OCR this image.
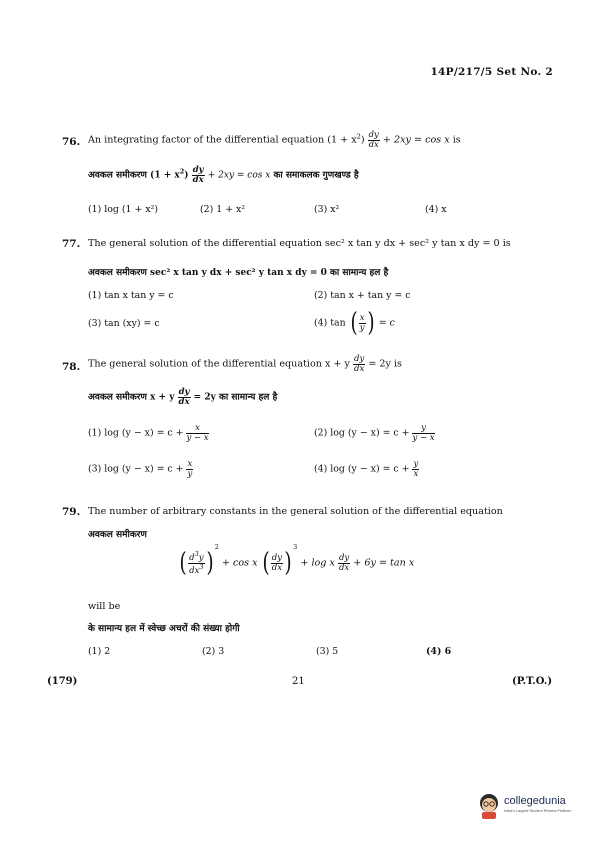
14P/217/5 Set No. 2
76. An integrating factor of the differential equation $(1 + x^2) \frac{dy}{dx} + 2xy = \cos x$ is
अवकल समीकरण $(1 + x^2) \frac{dy}{dx} + 2xy = \cos x$ का समाकलक गुणखण्ड है
(1) log (1 + x²)	(2) 1 + x²	(3) x²	(4) x
77. The general solution of the differential equation sec² x tan y dx + sec² y tan x dy = 0 is
अवकल समीकरण sec² x tan y dx + sec² y tan x dy = 0 का सामान्य हल है
(1) tan x tan y = c	(2) tan x + tan y = c
(3) tan (xy) = c	(4) tan ( $\frac{x}{y}$ ) = c
78. The general solution of the differential equation x + y $\frac{dy}{dx} = 2y$ is
अवकल समीकरण x + y $\frac{dy}{dx} = 2y$ का सामान्य हल है
(1) $\log (y - x) = c + \frac{x}{y - x}$	(2) $\log (y - x) = c + \frac{y}{y - x}$
(3) $\log (y - x) = c + \frac{x}{y}$	(4) $\log (y - x) = c + \frac{y}{x}$
79. The number of arbitrary constants in the general solution of the differential equation
अवकल समीकरण
( $\frac{d^3y}{dx^3} )^2 + \cos x$ ( $\frac{dy}{dx} )^3 + \log x \frac{dy}{dx} + 6y = \tan x$
will be
के सामान्य हल में स्वेच्छ अचरों की संख्या होगी
(1) 2	(2) 3	(3) 5	(4) 6
(179)	21	(P.T.O.)
collegedunia
India's Largest Student Review Platform
